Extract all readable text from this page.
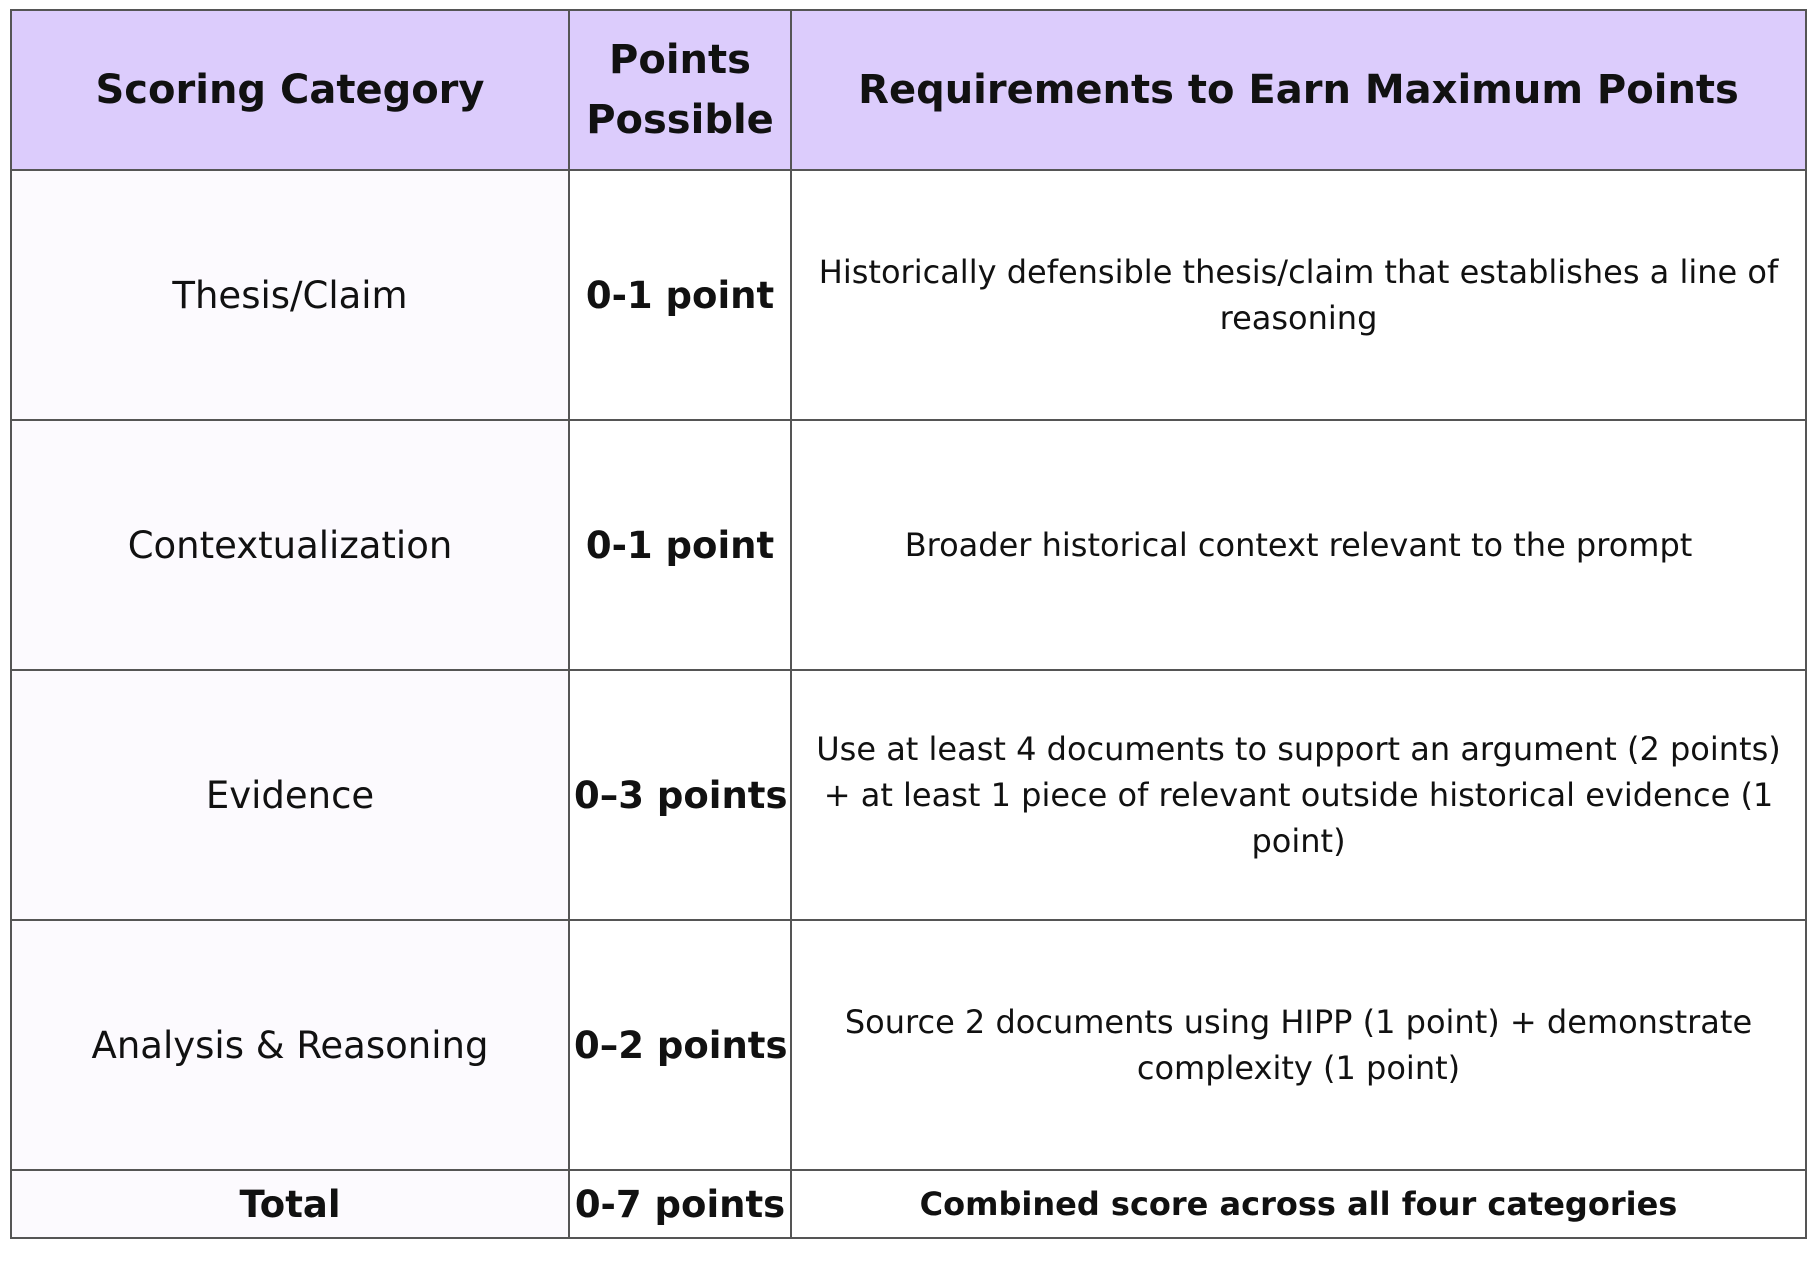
Scoring Category	Points Possible	Requirements to Earn Maximum Points
Thesis/Claim	0-1 point	Historically defensible thesis/claim that establishes a line of reasoning
Contextualization	0-1 point	Broader historical context relevant to the prompt
Evidence	0–3 points	Use at least 4 documents to support an argument (2 points) + at least 1 piece of relevant outside historical evidence (1 point)
Analysis & Reasoning	0–2 points	Source 2 documents using HIPP (1 point) + demonstrate complexity (1 point)
Total	0-7 points	Combined score across all four categories
